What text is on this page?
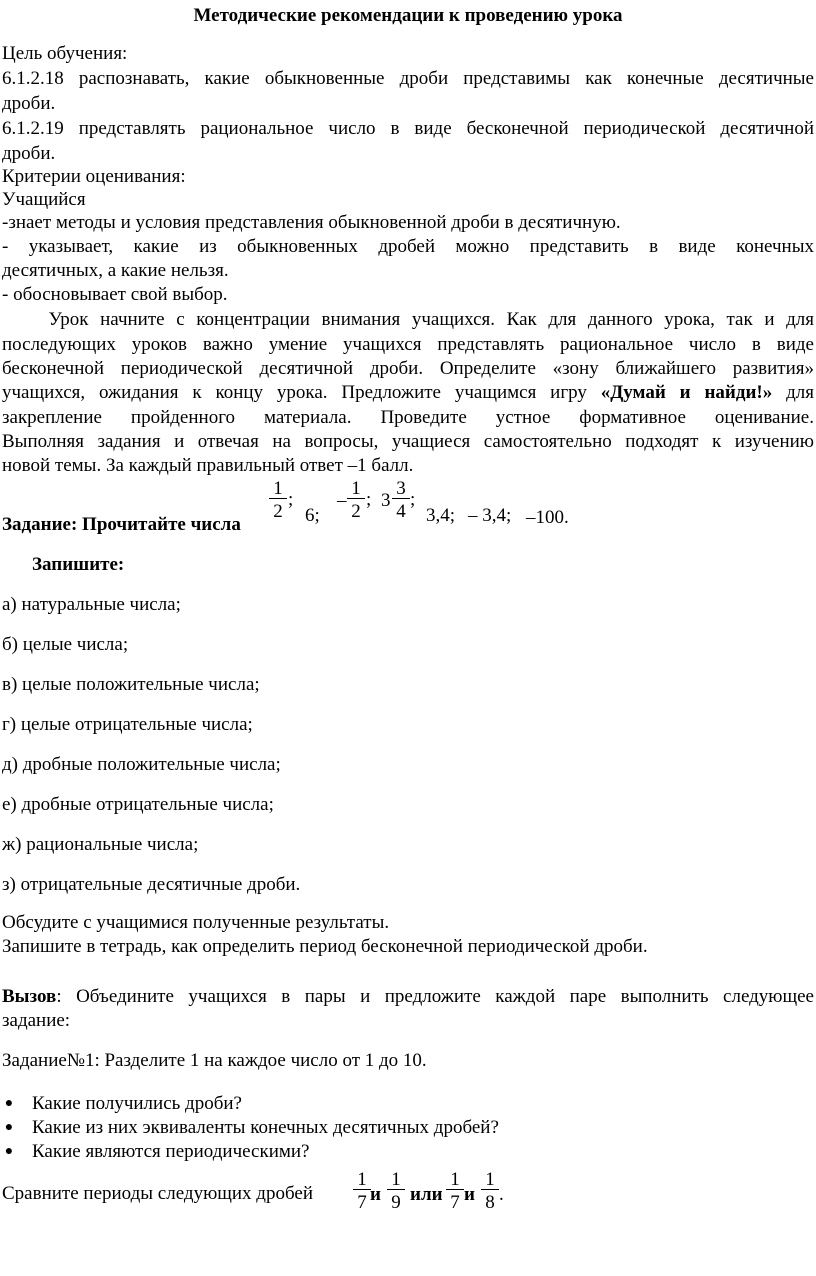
Методические рекомендации к проведению урока
Цель обучения:
6.1.2.18 распознавать, какие обыкновенные дроби представимы как конечные десятичные
дроби.
6.1.2.19 представлять рациональное число в виде бесконечной периодической десятичной
дроби.
Критерии оценивания:
Учащийся
-знает методы и условия представления обыкновенной дроби в десятичную.
- указывает, какие из обыкновенных дробей можно представить в виде конечных
десятичных, а какие нельзя.
- обосновывает свой выбор.
Урок начните с концентрации внимания учащихся. Как для данного урока, так и для
последующих уроков важно умение учащихся представлять рациональное число в виде
бесконечной периодической десятичной дроби. Определите «зону ближайшего развития»
учащихся, ожидания к концу урока. Предложите учащимся игру «Думай и найди!» для
закрепление пройденного материала. Проведите устное формативное оценивание.
Выполняя задания и отвечая на вопросы, учащиеся самостоятельно подходят к изучению
новой темы. За каждый правильный ответ –1 балл.
Задание: Прочитайте числа
1
2
;
6;
–
1
2
; 3
3
4
;
3,4; – 3,4; –100.
Запишите:
а) натуральные числа;
б) целые числа;
в) целые положительные числа;
г) целые отрицательные числа;
д) дробные положительные числа;
е) дробные отрицательные числа;
ж) рациональные числа;
з) отрицательные десятичные дроби.
Обсудите с учащимися полученные результаты.
Запишите в тетрадь, как определить период бесконечной периодической дроби.
Вызов: Объедините учащихся в пары и предложите каждой паре выполнить следующее
задание:
Задание№1: Разделите 1 на каждое число от 1 до 10.
● Какие получились дроби?
● Какие из них эквиваленты конечных десятичных дробей?
● Какие являются периодическими?
Сравните периоды следующих дробей
1
7 и
1
9 или
1
7 и
1
8 .
